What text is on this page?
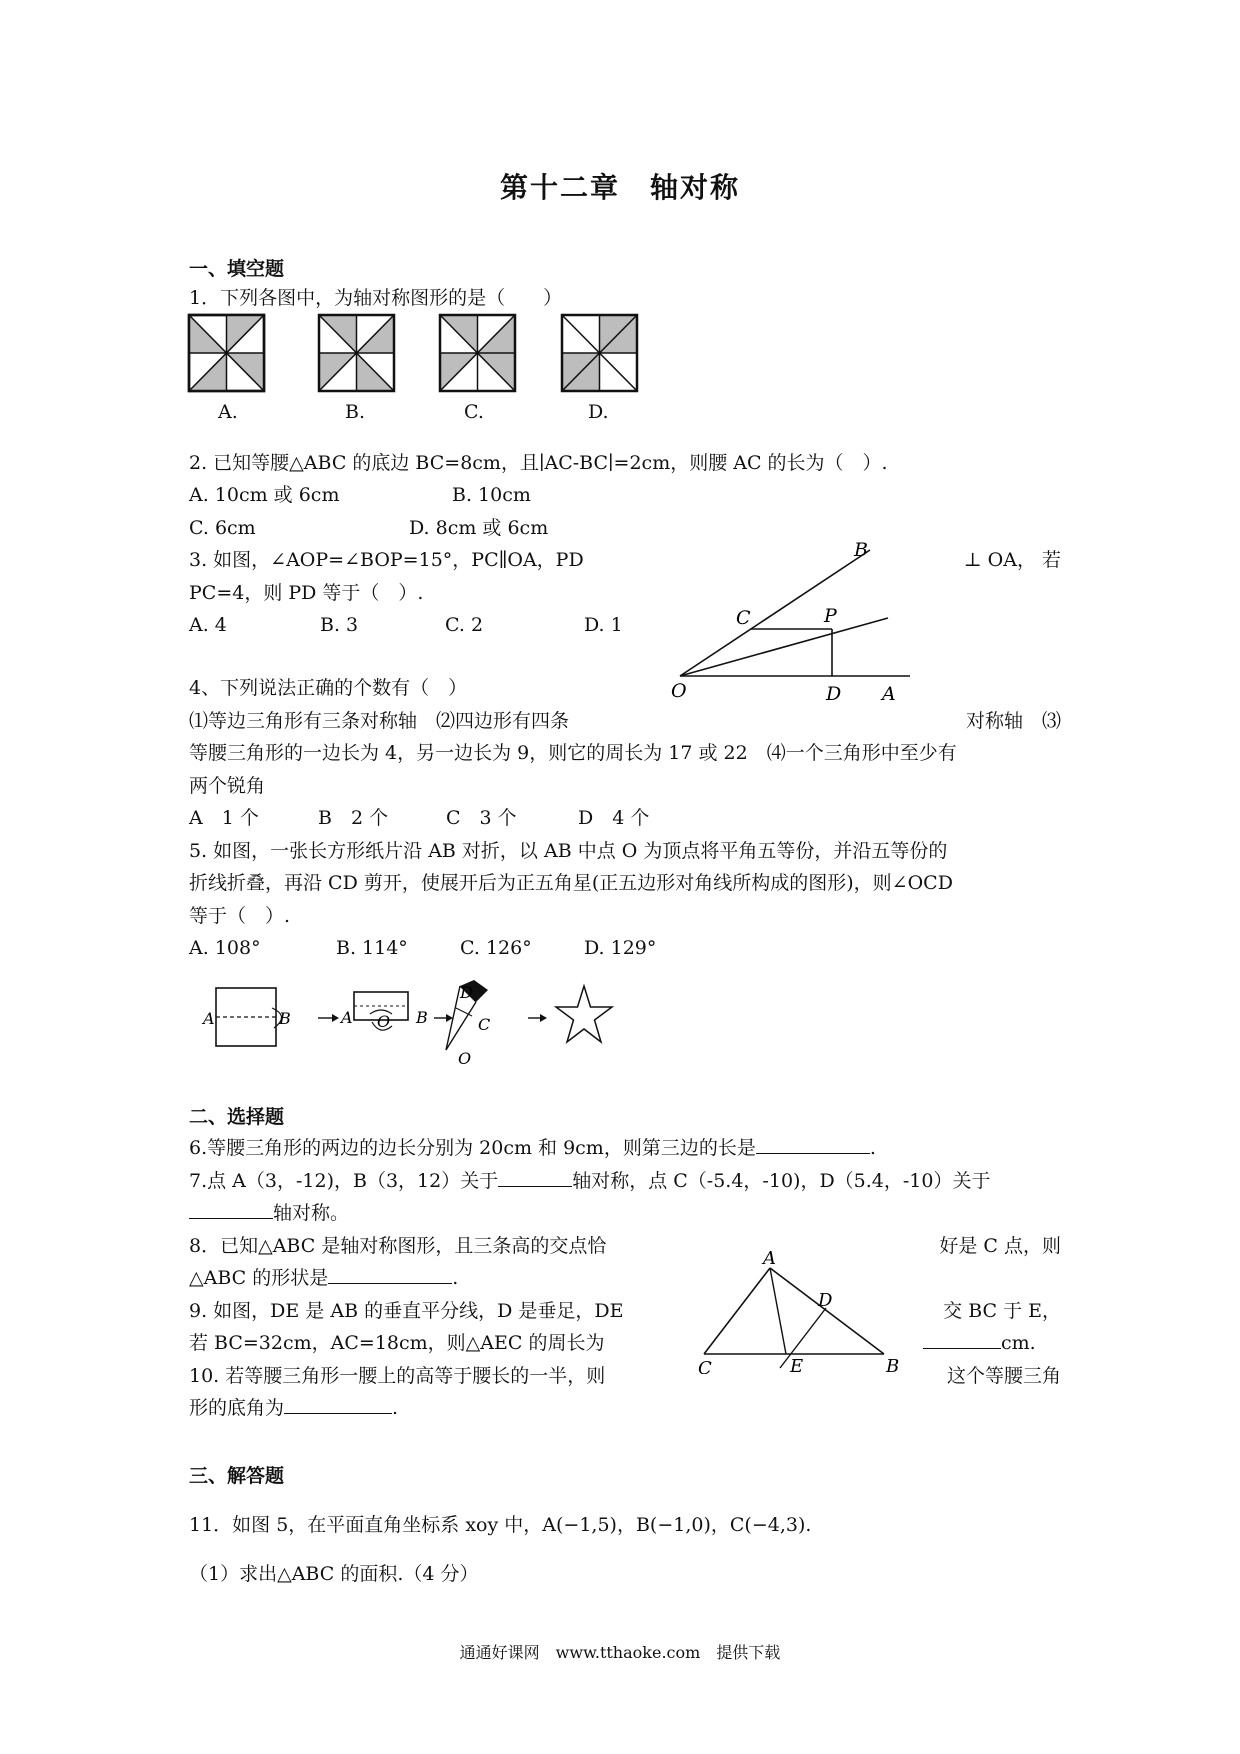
第十二章　轴对称
一、填空题
1．下列各图中，为轴对称图形的是（　　）
A.	B.	C.	D.
2. 已知等腰△ABC 的底边 BC=8cm，且∣AC-BC∣=2cm，则腰 AC 的长为（　）.
A. 10cm 或 6cm	B. 10cm
C. 6cm	D. 8cm 或 6cm
3. 如图，∠AOP=∠BOP=15°，PC∥OA，PD	⊥ OA， 若
PC=4，则 PD 等于（　）.
A. 4	B. 3	C. 2	D. 1
B
C	P
O	D A
4、下列说法正确的个数有（　）
⑴等边三角形有三条对称轴　⑵四边形有四条	对称轴　⑶
等腰三角形的一边长为 4，另一边长为 9，则它的周长为 17 或 22　⑷一个三角形中至少有
两个锐角
A　1 个	B　2 个	C　3 个	D　4 个
5. 如图，一张长方形纸片沿 AB 对折，以 AB 中点 O 为顶点将平角五等份，并沿五等份的
折线折叠，再沿 CD 剪开，使展开后为正五角星(正五边形对角线所构成的图形)，则∠OCD
等于（　）.
A. 108°	B. 114°	C. 126°	D. 129°
A	B	A O B
D
C
O
二、选择题
6.等腰三角形的两边的边长分别为 20cm 和 9cm，则第三边的长是	.
7.点 A（3，-12)，B（3，12）关于	轴对称，点 C（-5.4，-10)，D（5.4，-10）关于
轴对称。
8．已知△ABC 是轴对称图形，且三条高的交点恰	好是 C 点，则
△ABC 的形状是	.
9. 如图，DE 是 AB 的垂直平分线，D 是垂足，DE	交 BC 于 E，
若 BC=32cm，AC=18cm，则△AEC 的周长为	cm.
10. 若等腰三角形一腰上的高等于腰长的一半，则	这个等腰三角
形的底角为	.
A
D
C	E	B
三、解答题
11．如图 5，在平面直角坐标系 xoy 中，A(−1,5)，B(−1,0)，C(−4,3).
（1）求出△ABC 的面积.（4 分）
通通好课网　www.tthaoke.com　提供下载
